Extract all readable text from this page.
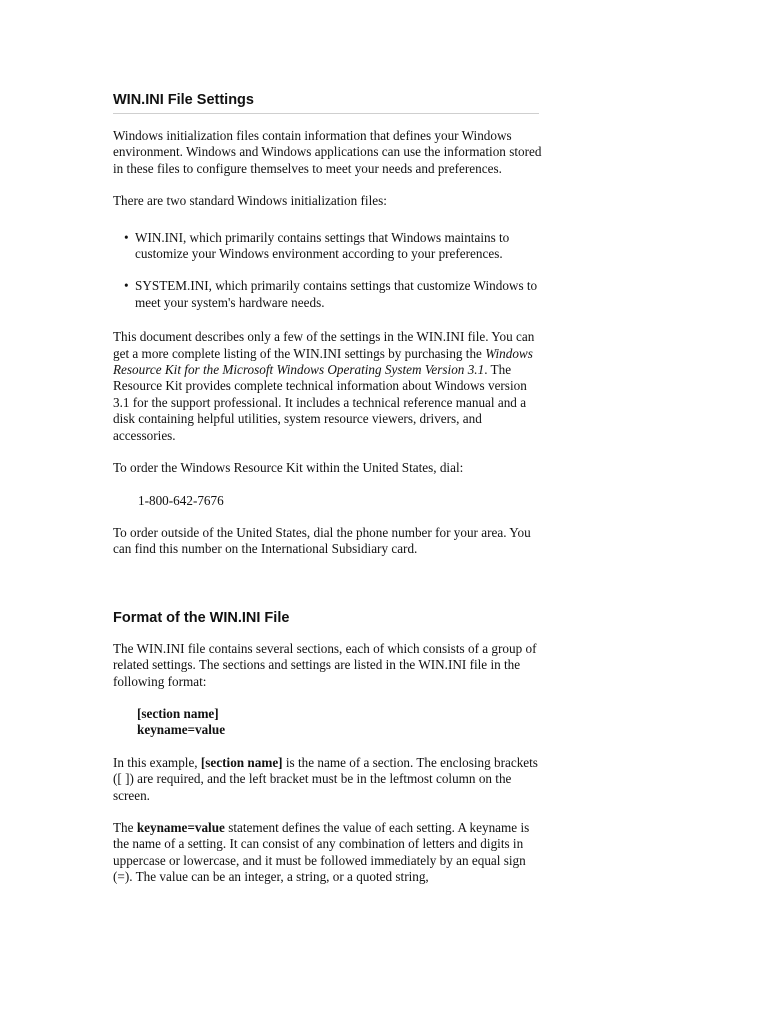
WIN.INI File Settings

Windows initialization files contain information that defines your Windows environment. Windows and Windows applications can use the information stored in these files to configure themselves to meet your needs and preferences.

There are two standard Windows initialization files:

• WIN.INI, which primarily contains settings that Windows maintains to customize your Windows environment according to your preferences.
• SYSTEM.INI, which primarily contains settings that customize Windows to meet your system's hardware needs.

This document describes only a few of the settings in the WIN.INI file. You can get a more complete listing of the WIN.INI settings by purchasing the Windows Resource Kit for the Microsoft Windows Operating System Version 3.1. The Resource Kit provides complete technical information about Windows version 3.1 for the support professional. It includes a technical reference manual and a disk containing helpful utilities, system resource viewers, drivers, and accessories.

To order the Windows Resource Kit within the United States, dial:

1-800-642-7676

To order outside of the United States, dial the phone number for your area. You can find this number on the International Subsidiary card.

Format of the WIN.INI File

The WIN.INI file contains several sections, each of which consists of a group of related settings. The sections and settings are listed in the WIN.INI file in the following format:

[section name]
keyname=value

In this example, [section name] is the name of a section. The enclosing brackets ([ ]) are required, and the left bracket must be in the leftmost column on the screen.

The keyname=value statement defines the value of each setting. A keyname is the name of a setting. It can consist of any combination of letters and digits in uppercase or lowercase, and it must be followed immediately by an equal sign (=). The value can be an integer, a string, or a quoted string,
